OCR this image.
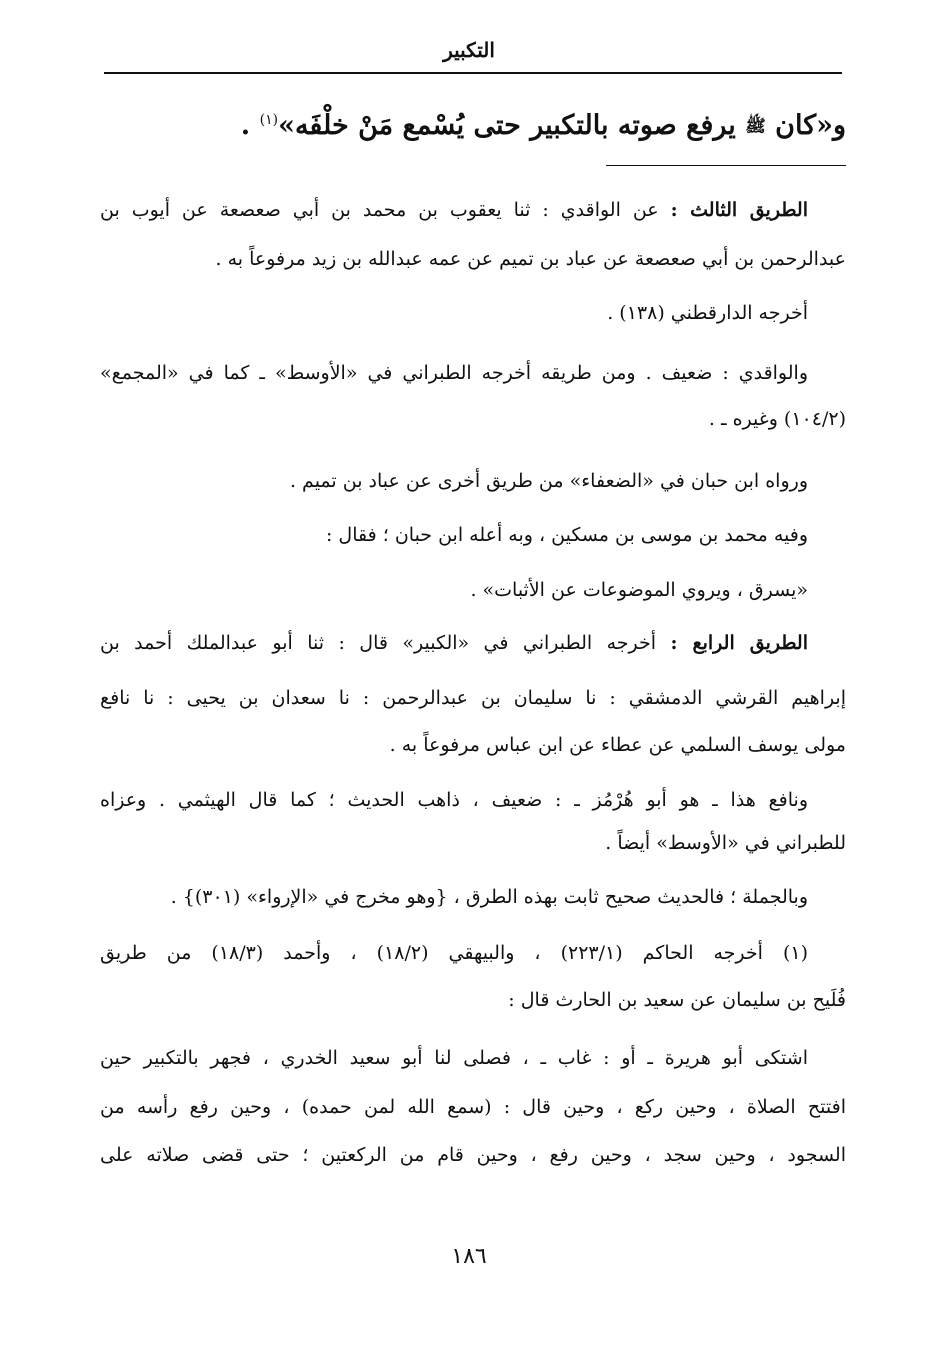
التكبير
و«كان ﷺ يرفع صوته بالتكبير حتى يُسْمع مَنْ خلْفَه»$^{(١)}$ .
الطريق الثالث : عن الواقدي : ثنا يعقوب بن محمد بن أبي صعصعة عن أيوب بن
عبدالرحمن بن أبي صعصعة عن عباد بن تميم عن عمه عبدالله بن زيد مرفوعاً به .
أخرجه الدارقطني (١٣٨) .
والواقدي : ضعيف . ومن طريقه أخرجه الطبراني في «الأوسط» ـ كما في «المجمع»
(١٠٤/٢) وغيره ـ .
ورواه ابن حبان في «الضعفاء» من طريق أخرى عن عباد بن تميم .
وفيه محمد بن موسى بن مسكين ، وبه أعله ابن حبان ؛ فقال :
«يسرق ، ويروي الموضوعات عن الأثبات» .
الطريق الرابع : أخرجه الطبراني في «الكبير» قال : ثنا أبو عبدالملك أحمد بن
إبراهيم القرشي الدمشقي : نا سليمان بن عبدالرحمن : نا سعدان بن يحيى : نا نافع
مولى يوسف السلمي عن عطاء عن ابن عباس مرفوعاً به .
ونافع هذا ـ هو أبو هُرْمُز ـ : ضعيف ، ذاهب الحديث ؛ كما قال الهيثمي . وعزاه
للطبراني في «الأوسط» أيضاً .
وبالجملة ؛ فالحديث صحيح ثابت بهذه الطرق ، {وهو مخرج في «الإرواء» (٣٠١)} .
(١) أخرجه الحاكم (٢٢٣/١) ، والبيهقي (١٨/٢) ، وأحمد (١٨/٣) من طريق
فُلَيح بن سليمان عن سعيد بن الحارث قال :
اشتكى أبو هريرة ـ أو : غاب ـ ، فصلى لنا أبو سعيد الخدري ، فجهر بالتكبير حين
افتتح الصلاة ، وحين ركع ، وحين قال : (سمع الله لمن حمده) ، وحين رفع رأسه من
السجود ، وحين سجد ، وحين رفع ، وحين قام من الركعتين ؛ حتى قضى صلاته على
١٨٦
